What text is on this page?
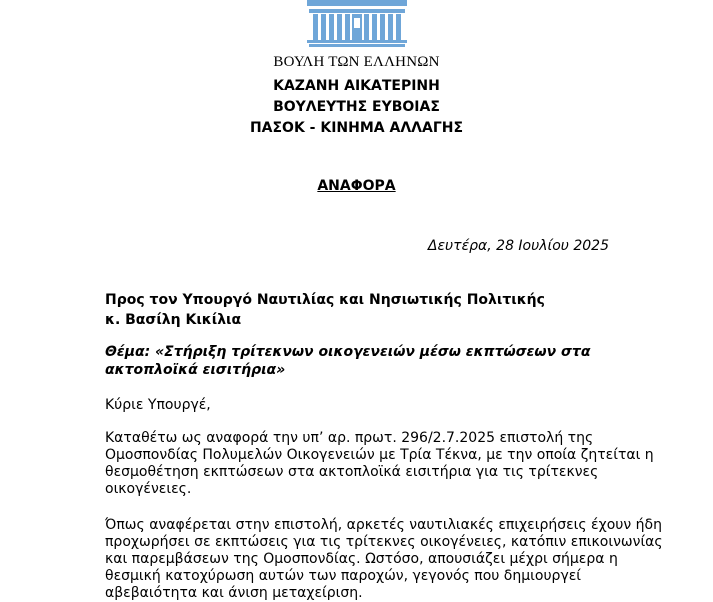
ΒΟΥΛΗ ΤΩΝ ΕΛΛΗΝΩΝ
ΚΑΖΑΝΗ ΑΙΚΑΤΕΡΙΝΗ
ΒΟΥΛΕΥΤΗΣ ΕΥΒΟΙΑΣ
ΠΑΣΟΚ - ΚΙΝΗΜΑ ΑΛΛΑΓΗΣ
ΑΝΑΦΟΡΑ
Δευτέρα, 28 Ιουλίου 2025
Προς τον Υπουργό Ναυτιλίας και Νησιωτικής Πολιτικής
κ. Βασίλη Κικίλια
Θέμα: «Στήριξη τρίτεκνων οικογενειών μέσω εκπτώσεων στα
ακτοπλοϊκά εισιτήρια»
Κύριε Υπουργέ,
Καταθέτω ως αναφορά την υπ’ αρ. πρωτ. 296/2.7.2025 επιστολή της
Ομοσπονδίας Πολυμελών Οικογενειών με Τρία Τέκνα, με την οποία ζητείται η
θεσμοθέτηση εκπτώσεων στα ακτοπλοϊκά εισιτήρια για τις τρίτεκνες
οικογένειες.
Όπως αναφέρεται στην επιστολή, αρκετές ναυτιλιακές επιχειρήσεις έχουν ήδη
προχωρήσει σε εκπτώσεις για τις τρίτεκνες οικογένειες, κατόπιν επικοινωνίας
και παρεμβάσεων της Ομοσπονδίας. Ωστόσο, απουσιάζει μέχρι σήμερα η
θεσμική κατοχύρωση αυτών των παροχών, γεγονός που δημιουργεί
αβεβαιότητα και άνιση μεταχείριση.
